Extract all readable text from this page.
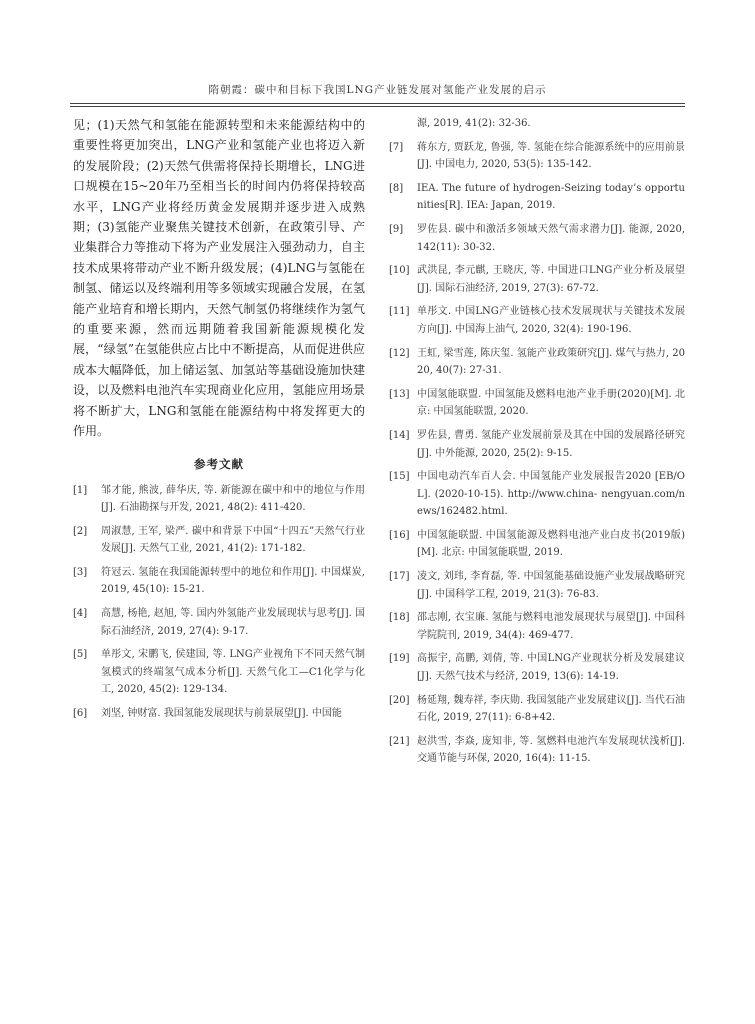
隋朝霞：碳中和目标下我国LNG产业链发展对氢能产业发展的启示

见；(1)天然气和氢能在能源转型和未来能源结构中的重要性将更加突出，LNG产业和氢能产业也将迈入新的发展阶段；(2)天然气供需将保持长期增长，LNG进口规模在15~20年乃至相当长的时间内仍将保持较高水平，LNG产业将经历黄金发展期并逐步进入成熟期；(3)氢能产业聚焦关键技术创新，在政策引导、产业集群合力等推动下将为产业发展注入强劲动力，自主技术成果将带动产业不断升级发展；(4)LNG与氢能在制氢、储运以及终端利用等多领域实现融合发展，在氢能产业培育和增长期内，天然气制氢仍将继续作为氢气的重要来源，然而远期随着我国新能源规模化发展，“绿氢”在氢能供应占比中不断提高，从而促进供应成本大幅降低，加上储运氢、加氢站等基础设施加快建设，以及燃料电池汽车实现商业化应用，氢能应用场景将不断扩大，LNG和氢能在能源结构中将发挥更大的作用。

参考文献
[1]	邹才能, 熊波, 薛华庆, 等. 新能源在碳中和中的地位与作用[J]. 石油勘探与开发, 2021, 48(2): 411-420.
[2]	周淑慧, 王军, 梁严. 碳中和背景下中国“十四五”天然气行业发展[J]. 天然气工业, 2021, 41(2): 171-182.
[3]	符冠云. 氢能在我国能源转型中的地位和作用[J]. 中国煤炭, 2019, 45(10): 15-21.
[4]	高慧, 杨艳, 赵旭, 等. 国内外氢能产业发展现状与思考[J]. 国际石油经济, 2019, 27(4): 9-17.
[5]	单彤文, 宋鹏飞, 侯建国, 等. LNG产业视角下不同天然气制氢模式的终端氢气成本分析[J]. 天然气化工—C1化学与化工, 2020, 45(2): 129-134.
[6]	刘坚, 钟财富. 我国氢能发展现状与前景展望[J]. 中国能
源, 2019, 41(2): 32-36.
[7]	蒋东方, 贾跃龙, 鲁强, 等. 氢能在综合能源系统中的应用前景[J]. 中国电力, 2020, 53(5): 135-142.
[8]	IEA. The future of hydrogen-Seizing today’s opportunities[R]. IEA: Japan, 2019.
[9]	罗佐县. 碳中和激活多领域天然气需求潜力[J]. 能源, 2020, 142(11): 30-32.
[10] 武洪昆, 李元麒, 王晓庆, 等. 中国进口LNG产业分析及展望[J]. 国际石油经济, 2019, 27(3): 67-72.
[11] 单彤文. 中国LNG产业链核心技术发展现状与关键技术发展方向[J]. 中国海上油气, 2020, 32(4): 190-196.
[12] 王虹, 梁雪莲, 陈庆玺. 氢能产业政策研究[J]. 煤气与热力, 2020, 40(7): 27-31.
[13] 中国氢能联盟. 中国氢能及燃料电池产业手册(2020)[M]. 北京: 中国氢能联盟, 2020.
[14] 罗佐县, 曹勇. 氢能产业发展前景及其在中国的发展路径研究[J]. 中外能源, 2020, 25(2): 9-15.
[15] 中国电动汽车百人会. 中国氢能产业发展报告2020 [EB/OL]. (2020-10-15). http://www.china- nengyuan.com/news/162482.html.
[16] 中国氢能联盟. 中国氢能源及燃料电池产业白皮书(2019版)[M]. 北京: 中国氢能联盟, 2019.
[17] 凌文, 刘玮, 李育磊, 等. 中国氢能基础设施产业发展战略研究[J]. 中国科学工程, 2019, 21(3): 76-83.
[18] 邵志刚, 衣宝廉. 氢能与燃料电池发展现状与展望[J]. 中国科学院院刊, 2019, 34(4): 469-477.
[19] 高振宇, 高鹏, 刘倩, 等. 中国LNG产业现状分析及发展建议[J]. 天然气技术与经济, 2019, 13(6): 14-19.
[20] 杨延翔, 魏寿祥, 李庆勋. 我国氢能产业发展建议[J]. 当代石油石化, 2019, 27(11): 6-8+42.
[21] 赵洪雪, 李焱, 庞知非, 等. 氢燃料电池汽车发展现状浅析[J]. 交通节能与环保, 2020, 16(4): 11-15.
